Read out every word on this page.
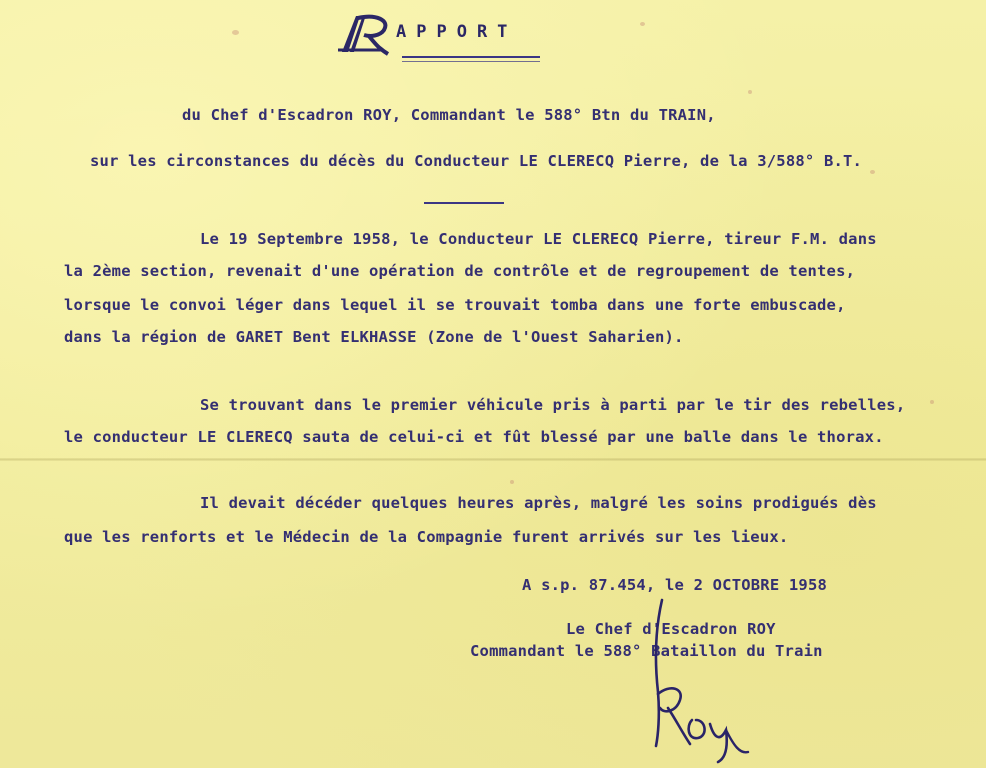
APPORT
du Chef d'Escadron ROY, Commandant le 588° Btn du TRAIN,
sur les circonstances du décès du Conducteur LE CLERECQ Pierre, de la 3/588° B.T.
Le 19 Septembre 1958, le Conducteur LE CLERECQ Pierre, tireur F.M. dans
la 2ème section, revenait d'une opération de contrôle et de regroupement de tentes,
lorsque le convoi léger dans lequel il se trouvait tomba dans une forte embuscade,
dans la région de GARET Bent ELKHASSE (Zone de l'Ouest Saharien).
Se trouvant dans le premier véhicule pris à parti par le tir des rebelles,
le conducteur LE CLERECQ sauta de celui-ci et fût blessé par une balle dans le thorax.
Il devait décéder quelques heures après, malgré les soins prodigués dès
que les renforts et le Médecin de la Compagnie furent arrivés sur les lieux.
A s.p. 87.454, le 2 OCTOBRE 1958
Le Chef d'Escadron ROY
Commandant le 588° Bataillon du Train
